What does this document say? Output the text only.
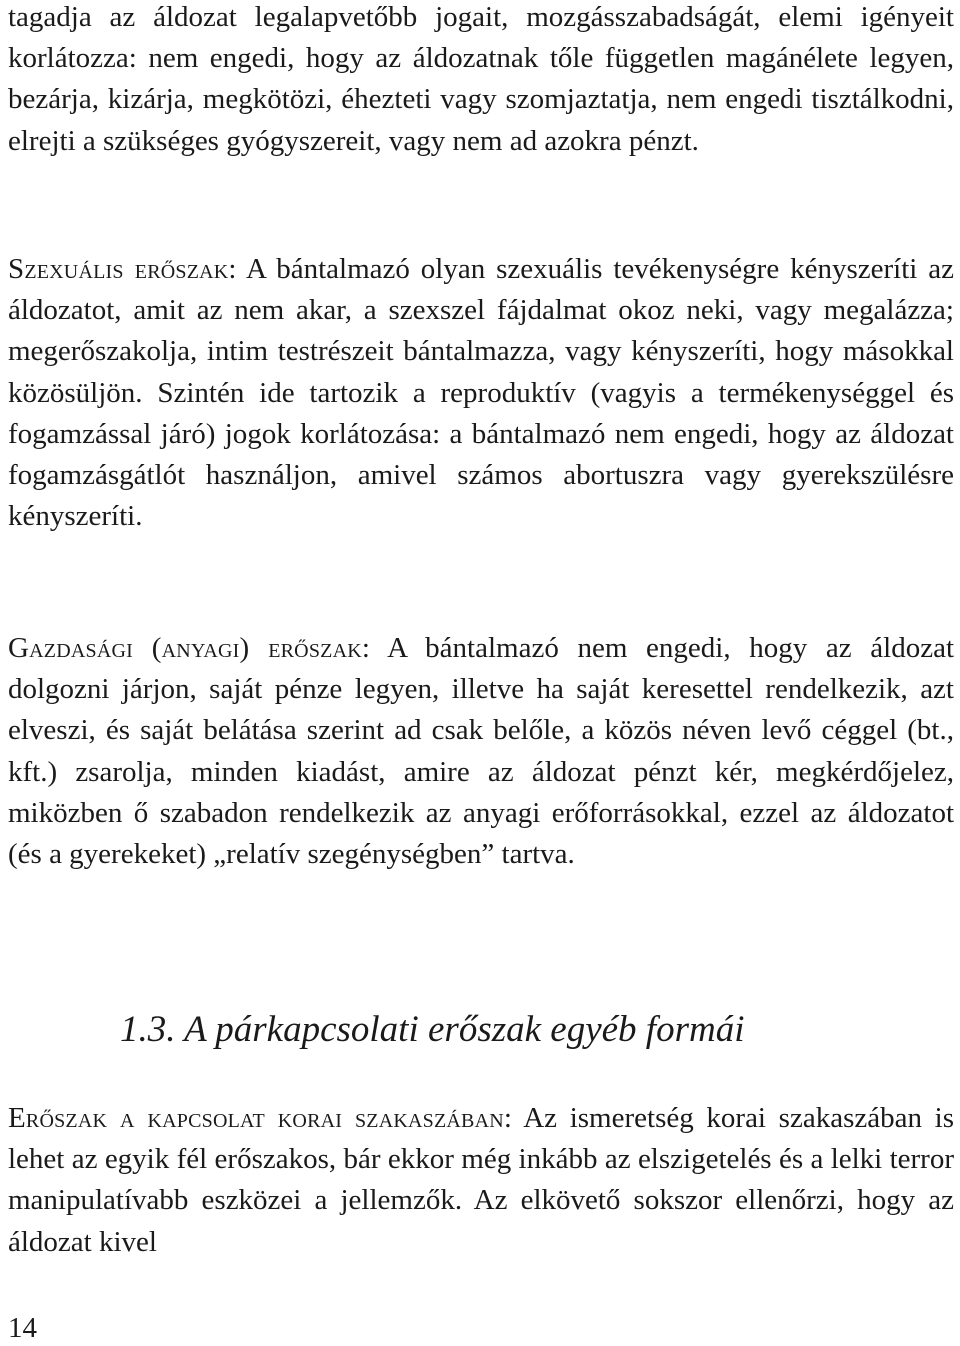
tagadja az áldozat legalapvetőbb jogait, mozgásszabadságát, elemi igényeit korlátozza: nem engedi, hogy az áldozatnak tőle független magánélete legyen, bezárja, kizárja, megkötözi, éhezteti vagy szomjaztatja, nem engedi tisztálkodni, elrejti a szükséges gyógyszereit, vagy nem ad azokra pénzt.

Szexuális erőszak: A bántalmazó olyan szexuális tevékenységre kényszeríti az áldozatot, amit az nem akar, a szexszel fájdalmat okoz neki, vagy megalázza; megerőszakolja, intim testrészeit bántalmazza, vagy kényszeríti, hogy másokkal közösüljön. Szintén ide tartozik a reproduktív (vagyis a termékenységgel és fogamzással járó) jogok korlátozása: a bántalmazó nem engedi, hogy az áldozat fogamzásgátlót használjon, amivel számos abortuszra vagy gyerekszülésre kényszeríti.

Gazdasági (anyagi) erőszak: A bántalmazó nem engedi, hogy az áldozat dolgozni járjon, saját pénze legyen, illetve ha saját keresettel rendelkezik, azt elveszi, és saját belátása szerint ad csak belőle, a közös néven levő céggel (bt., kft.) zsarolja, minden kiadást, amire az áldozat pénzt kér, megkérdőjelez, miközben ő szabadon rendelkezik az anyagi erőforrásokkal, ezzel az áldozatot (és a gyerekeket) „relatív szegénységben” tartva.

1.3. A párkapcsolati erőszak egyéb formái

Erőszak a kapcsolat korai szakaszában: Az ismeretség korai szakaszában is lehet az egyik fél erőszakos, bár ekkor még inkább az elszigetelés és a lelki terror manipulatívabb eszközei a jellemzők. Az elkövető sokszor ellenőrzi, hogy az áldozat kivel

14
